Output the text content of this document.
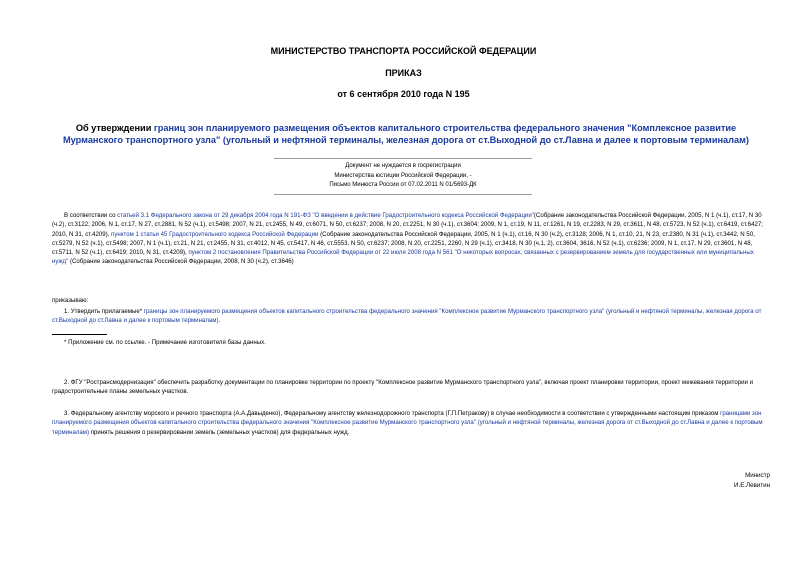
МИНИСТЕРСТВО ТРАНСПОРТА РОССИЙСКОЙ ФЕДЕРАЦИИ
ПРИКАЗ
от 6 сентября 2010 года N 195
Об утверждении границ зон планируемого размещения объектов капитального строительства федерального значения "Комплексное развитие Мурманского транспортного узла" (угольный и нефтяной терминалы, железная дорога от ст.Выходной до ст.Лавна и далее к портовым терминалам)
Документ не нуждается в госрегистрации
Министерства юстиции Российской Федерации, -
Письмо Минюста России от 07.02.2011 N 01/5693-ДК
В соответствии со статьей 3.1 Федерального закона от 29 декабря 2004 года N 191-ФЗ "О введении в действие Градостроительного кодекса Российской Федерации"(Собрание законодательства Российской Федерации, 2005, N 1 (ч.1), ст.17, N 30 (ч.2), ст.3122; 2006, N 1, ст.17, N 27, ст.2881, N 52 (ч.1), ст.5498; 2007, N 21, ст.2455, N 49, ст.6071, N 50, ст.6237; 2008, N 20, ст.2251, N 30 (ч.1), ст.3604; 2009, N 1, ст.19, N 11, ст.1261, N 19, ст.2283, N 29, ст.3611, N 48, ст.5723, N 52 (ч.1), ст.6419, ст.6427; 2010, N 31, ст.4209), пунктом 1 статьи 45 Градостроительного кодекса Российской Федерации (Собрание законодательства Российской Федерации, 2005, N 1 (ч.1), ст.16, N 30 (ч.2), ст.3128; 2006, N 1, ст.10, 21, N 23, ст.2380, N 31 (ч.1), ст.3442, N 50, ст.5279, N 52 (ч.1), ст.5498; 2007, N 1 (ч.1), ст.21, N 21, ст.2455, N 31, ст.4012, N 45, ст.5417, N 46, ст.5553, N 50, ст.6237; 2008, N 20, ст.2251, 2260, N 29 (ч.1), ст.3418, N 30 (ч.1, 2), ст.3604, 3616, N 52 (ч.1), ст.6236; 2009, N 1, ст.17, N 29, ст.3601, N 48, ст.5711, N 52 (ч.1), ст.6419; 2010, N 31, ст.4209), пунктом 2 постановления Правительства Российской Федерации от 22 июля 2008 года N 561 "О некоторых вопросах, связанных с резервированием земель для государственных или муниципальных нужд" (Собрание законодательства Российской Федерации, 2008, N 30 (ч.2), ст.3646)
приказываю:
1. Утвердить прилагаемые* границы зон планируемого размещения объектов капитального строительства федерального значения "Комплексное развитие Мурманского транспортного узла" (угольный и нефтяной терминалы, железная дорога от ст.Выходной до ст.Лавна и далее к портовым терминалам).
* Приложение см. по ссылке. - Примечание изготовителя базы данных.
2. ФГУ "Ространсмодернизация" обеспечить разработку документации по планировке территории по проекту "Комплексное развитие Мурманского транспортного узла", включая проект планировки территории, проект межевания территории и градостроительные планы земельных участков.
3. Федеральному агентству морского и речного транспорта (А.А.Давыденко), Федеральному агентству железнодорожного транспорта (Г.П.Петракову) в случае необходимости в соответствии с утвержденными настоящим приказом границами зон планируемого размещения объектов капитального строительства федерального значения "Комплексное развитие Мурманского транспортного узла" (угольный и нефтяной терминалы, железная дорога от ст.Выходной до ст.Лавна и далее к портовым терминалам) принять решения о резервировании земель (земельных участков) для федеральных нужд.
Министр
И.Е.Левитин
